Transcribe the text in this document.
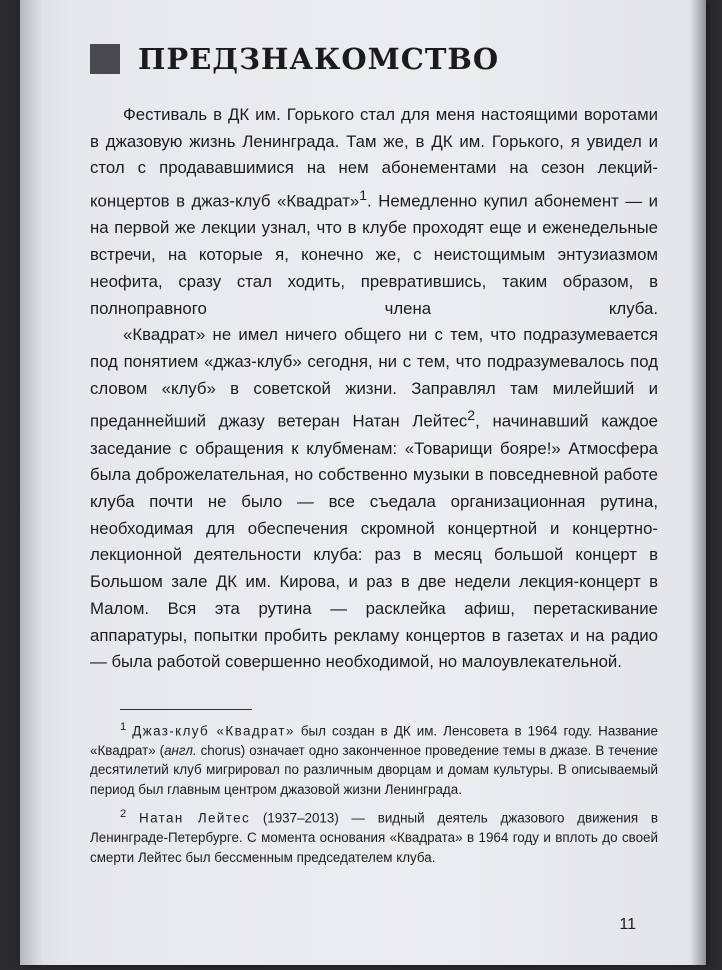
ПРЕДЗНАКОМСТВО

Фестиваль в ДК им. Горького стал для меня настоящими воротами в джазовую жизнь Ленинграда. Там же, в ДК им. Горького, я увидел и стол с продававшимися на нем абонементами на сезон лекций-концертов в джаз-клуб «Квадрат»$^1$. Немедленно купил абонемент — и на первой же лекции узнал, что в клубе проходят еще и еженедельные встречи, на которые я, конечно же, с неистощимым энтузиазмом неофита, сразу стал ходить, превратившись, таким образом, в полноправного члена клуба.

«Квадрат» не имел ничего общего ни с тем, что подразумевается под понятием «джаз-клуб» сегодня, ни с тем, что подразумевалось под словом «клуб» в советской жизни. Заправлял там милейший и преданнейший джазу ветеран Натан Лейтес$^2$, начинавший каждое заседание с обращения к клубменам: «Товарищи бояре!» Атмосфера была доброжелательная, но собственно музыки в повседневной работе клуба почти не было — все съедала организационная рутина, необходимая для обеспечения скромной концертной и концертно-лекционной деятельности клуба: раз в месяц большой концерт в Большом зале ДК им. Кирова, и раз в две недели лекция-концерт в Малом. Вся эта рутина — расклейка афиш, перетаскивание аппаратуры, попытки пробить рекламу концертов в газетах и на радио — была работой совершенно необходимой, но малоувлекательной.

$^1$ Джаз-клуб «Квадрат» был создан в ДК им. Ленсовета в 1964 году. Название «Квадрат» (англ. chorus) означает одно законченное проведение темы в джазе. В течение десятилетий клуб мигрировал по различным дворцам и домам культуры. В описываемый период был главным центром джазовой жизни Ленинграда.

$^2$ Натан Лейтес (1937–2013) — видный деятель джазового движения в Ленинграде-Петербурге. С момента основания «Квадрата» в 1964 году и вплоть до своей смерти Лейтес был бессменным председателем клуба.

11
